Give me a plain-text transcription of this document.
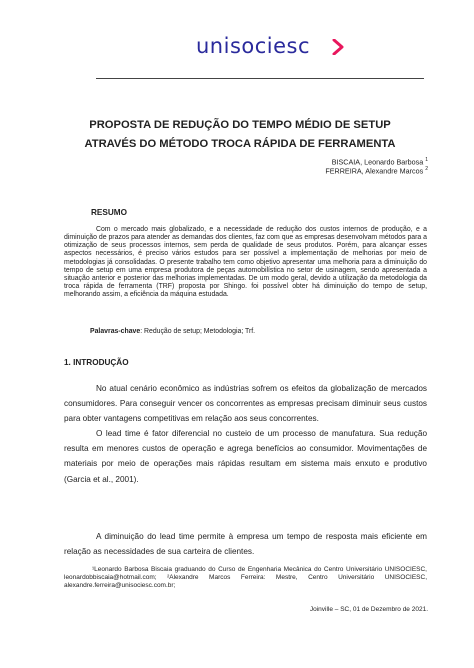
unisociesc
PROPOSTA DE REDUÇÃO DO TEMPO MÉDIO DE SETUP
ATRAVÉS DO MÉTODO TROCA RÁPIDA DE FERRAMENTA
BISCAIA, Leonardo Barbosa $^1$
FERREIRA, Alexandre Marcos $^2$
RESUMO

Com o mercado mais globalizado, e a necessidade de redução dos custos internos de produção, e a diminuição de prazos para atender as demandas dos clientes, faz com que as empresas desenvolvam métodos para a otimização de seus processos internos, sem perda de qualidade de seus produtos. Porém, para alcançar esses aspectos necessários, é preciso vários estudos para ser possível a implementação de melhorias por meio de metodologias já consolidadas. O presente trabalho tem como objetivo apresentar uma melhoria para a diminuição do tempo de setup em uma empresa produtora de peças automobilística no setor de usinagem, sendo apresentada a situação anterior e posterior das melhorias implementadas. De um modo geral, devido a utilização da metodologia da troca rápida de ferramenta (TRF) proposta por Shingo. foi possível obter há diminuição do tempo de setup, melhorando assim, a eficiência da máquina estudada.

Palavras-chave: Redução de setup; Metodologia; Trf.
1. INTRODUÇÃO

No atual cenário econômico as indústrias sofrem os efeitos da globalização de mercados consumidores. Para conseguir vencer os concorrentes as empresas precisam diminuir seus custos para obter vantagens competitivas em relação aos seus concorrentes.

O lead time é fator diferencial no custeio de um processo de manufatura. Sua redução resulta em menores custos de operação e agrega benefícios ao consumidor. Movimentações de materiais por meio de operações mais rápidas resultam em sistema mais enxuto e produtivo (Garcia et al., 2001).

A diminuição do lead time permite à empresa um tempo de resposta mais eficiente em relação as necessidades de sua carteira de clientes.

¹Leonardo Barbosa Biscaia graduando do Curso de Engenharia Mecânica do Centro Universitário UNISOCIESC, leonardobbiscaia@hotmail.com; ²Alexandre Marcos Ferreira: Mestre, Centro Universitário UNISOCIESC, alexandre.ferreira@unisociesc.com.br;

Joinville – SC, 01 de Dezembro de 2021.
